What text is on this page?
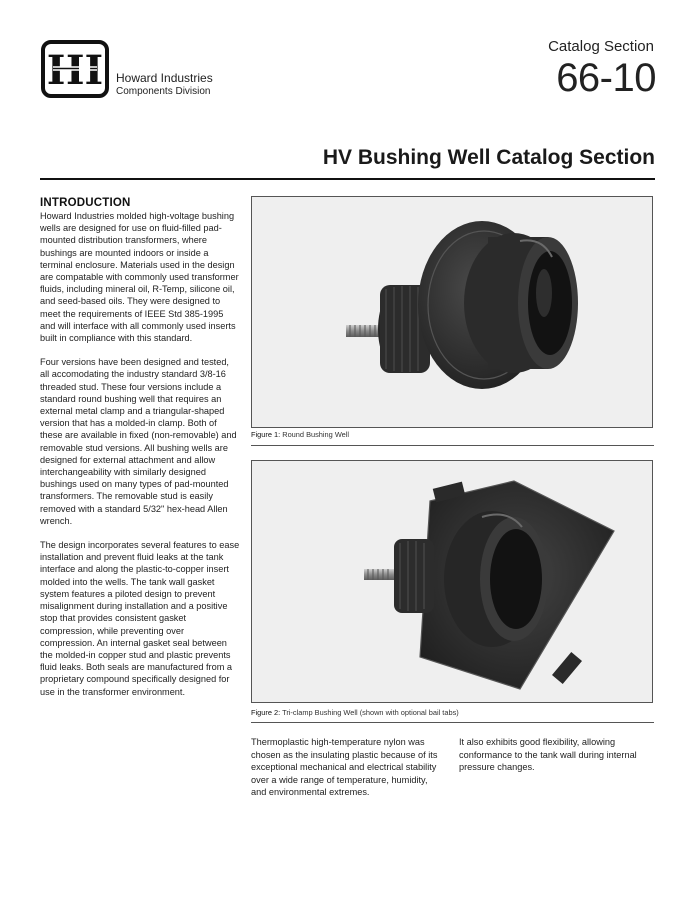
HI Howard Industries
Components Division
Catalog Section
66-10
HV Bushing Well Catalog Section
INTRODUCTION

Howard Industries molded high-voltage bushing wells are designed for use on fluid-filled pad-mounted distribution transformers, where bushings are mounted indoors or inside a terminal enclosure. Materials used in the design are compatable with commonly used transformer fluids, including mineral oil, R-Temp, silicone oil, and seed-based oils. They were designed to meet the requirements of IEEE Std 385-1995 and will interface with all commonly used inserts built in compliance with this standard.

Four versions have been designed and tested, all accomodating the industry standard 3/8-16 threaded stud. These four versions include a standard round bushing well that requires an external metal clamp and a triangular-shaped version that has a molded-in clamp. Both of these are available in fixed (non-removable) and removable stud versions. All bushing wells are designed for external attachment and allow interchangeability with similarly designed bushings used on many types of pad-mounted transformers. The removable stud is easily removed with a standard 5/32" hex-head Allen wrench.

The design incorporates several features to ease installation and prevent fluid leaks at the tank interface and along the plastic-to-copper insert molded into the wells. The tank wall gasket system features a piloted design to prevent misalignment during installation and a positive stop that provides consistent gasket compression, while preventing over compression. An internal gasket seal between the molded-in copper stud and plastic prevents fluid leaks. Both seals are manufactured from a proprietary compound specifically designed for use in the transformer environment.

Figure 1: Round Bushing Well
Figure 2: Tri-clamp Bushing Well (shown with optional bail tabs)
Thermoplastic high-temperature nylon was chosen as the insulating plastic because of its exceptional mechanical and electrical stability over a wide range of temperature, humidity, and environmental extremes.
It also exhibits good flexibility, allowing conformance to the tank wall during internal pressure changes.
